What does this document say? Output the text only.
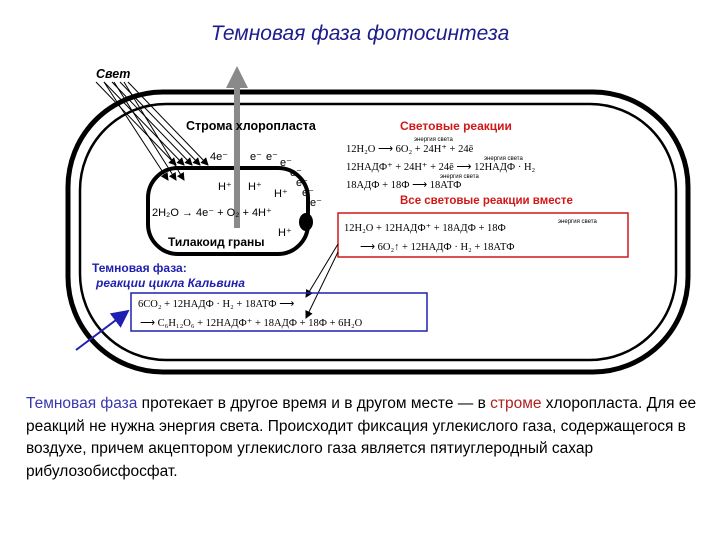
Темновая фаза фотосинтеза
Свет
Строма хлоропласта
4e⁻ e⁻ e⁻ e⁻
e⁻
e⁻
e⁻
e⁻
H⁺ H⁺
H⁺
H⁺
2H₂O → 4e⁻ + O₂ + 4H⁺
Тилакоид граны
Световые реакции
энергия света
12H₂O ⟶ 6O₂ + 24H⁺ + 24ē
энергия света
12НАДФ⁺ + 24H⁺ + 24ē ⟶ 12НАДФ · H₂
энергия света
18АДФ + 18Ф ⟶ 18АТФ
Все световые реакции вместе
энергия света
12H₂O + 12НАДФ⁺ + 18АДФ + 18Ф
⟶ 6O₂↑ + 12НАДФ · H₂ + 18АТФ
Темновая фаза:
реакции цикла Кальвина
6CO₂ + 12НАДФ · H₂ + 18АТФ ⟶
⟶ C₆H₁₂O₆ + 12НАДФ⁺ + 18АДФ + 18Ф + 6H₂O
Темновая фаза протекает в другое время и в другом месте — в строме хлоропласта. Для ее реакций не нужна энергия света. Происходит фиксация углекислого газа, содержащегося в воздухе, причем акцептором углекислого газа является пятиуглеродный сахар рибулозобисфосфат.
